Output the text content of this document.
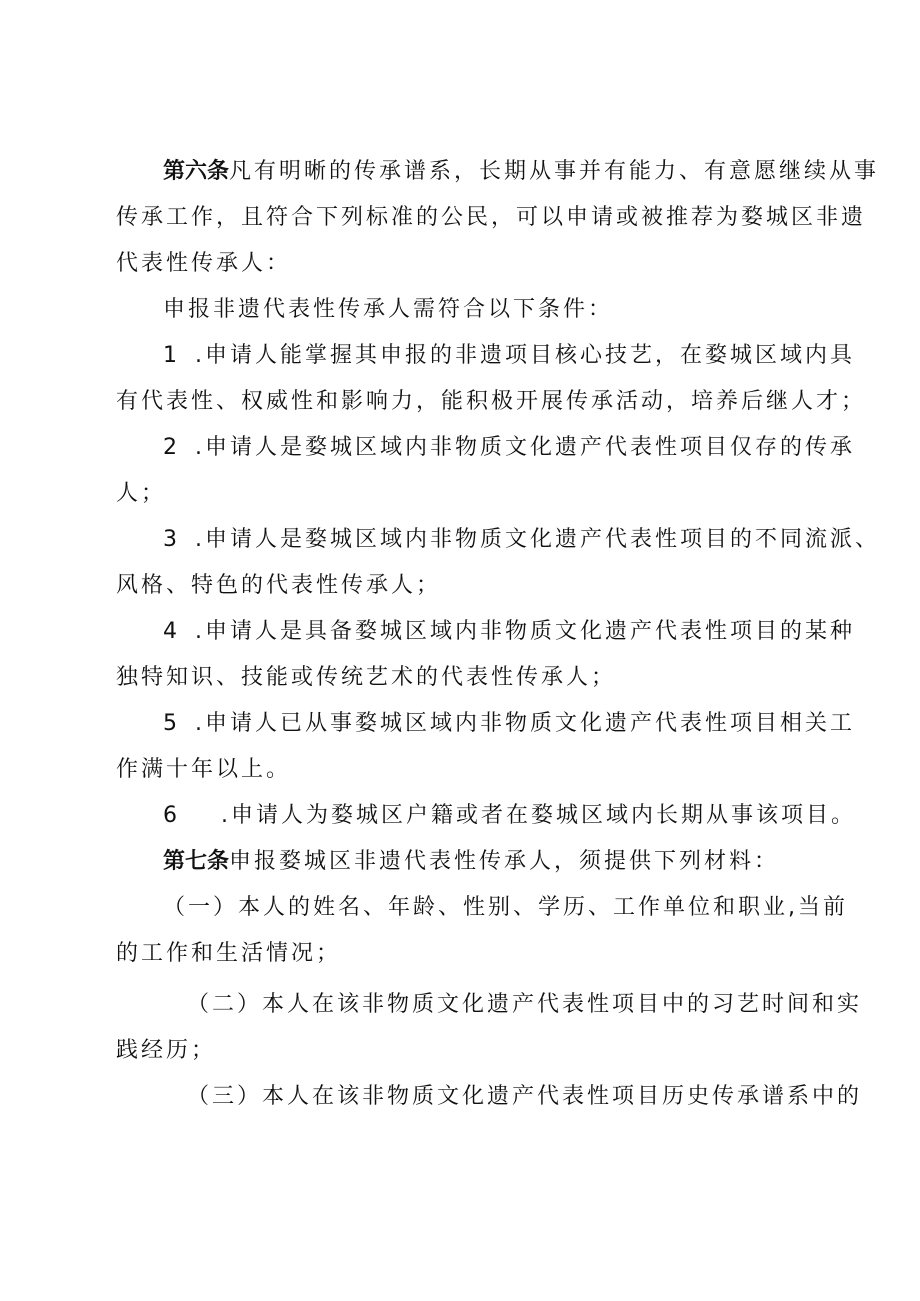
第六条凡有明晰的传承谱系，长期从事并有能力、有意愿继续从事
传承工作，且符合下列标准的公民，可以申请或被推荐为婺城区非遗
代表性传承人：
申报非遗代表性传承人需符合以下条件：
1 .申请人能掌握其申报的非遗项目核心技艺，在婺城区域内具
有代表性、权威性和影响力，能积极开展传承活动，培养后继人才；
2 .申请人是婺城区域内非物质文化遗产代表性项目仅存的传承
人；
3 .申请人是婺城区域内非物质文化遗产代表性项目的不同流派、
风格、特色的代表性传承人；
4 .申请人是具备婺城区域内非物质文化遗产代表性项目的某种
独特知识、技能或传统艺术的代表性传承人；
5 .申请人已从事婺城区域内非物质文化遗产代表性项目相关工
作满十年以上。
6 .申请人为婺城区户籍或者在婺城区域内长期从事该项目。
第七条申报婺城区非遗代表性传承人，须提供下列材料：
（一）本人的姓名、年龄、性别、学历、工作单位和职业,当前
的工作和生活情况；
（二）本人在该非物质文化遗产代表性项目中的习艺时间和实
践经历；
（三）本人在该非物质文化遗产代表性项目历史传承谱系中的
